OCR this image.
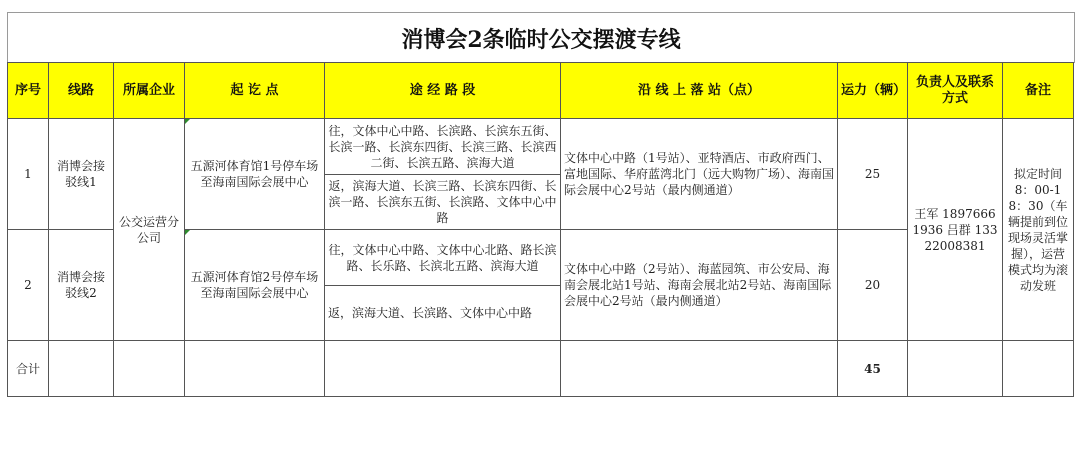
消博会2条临时公交摆渡专线
序号	线路	所属企业	起 讫 点	途 经 路 段	沿 线 上 落 站（点）	运力（辆）	负责人及联系方式	备注
1	消博会接驳线1	公交运营分公司	五源河体育馆1号停车场至海南国际会展中心	往，文体中心中路、长滨路、长滨东五街、长滨一路、长滨东四街、长滨三路、长滨西二街、长滨五路、滨海大道	文体中心中路（1号站）、亚特酒店、市政府西门、富地国际、华府蓝湾北门（远大购物广场）、海南国际会展中心2号站（最内侧通道）	25	王军 18976661936 吕群 13322008381	拟定时间 8：00-18：30（车辆提前到位现场灵活掌握），运营模式均为滚动发班
				返，滨海大道、长滨三路、长滨东四街、长滨一路、长滨东五街、长滨路、文体中心中路				
2	消博会接驳线2		五源河体育馆2号停车场至海南国际会展中心	往，文体中心中路、文体中心北路、路长滨路、长乐路、长滨北五路、滨海大道	文体中心中路（2号站）、海蓝园筑、市公安局、海南会展北站1号站、海南会展北站2号站、海南国际会展中心2号站（最内侧通道）	20		
				返，滨海大道、长滨路、文体中心中路				
合计						45		
